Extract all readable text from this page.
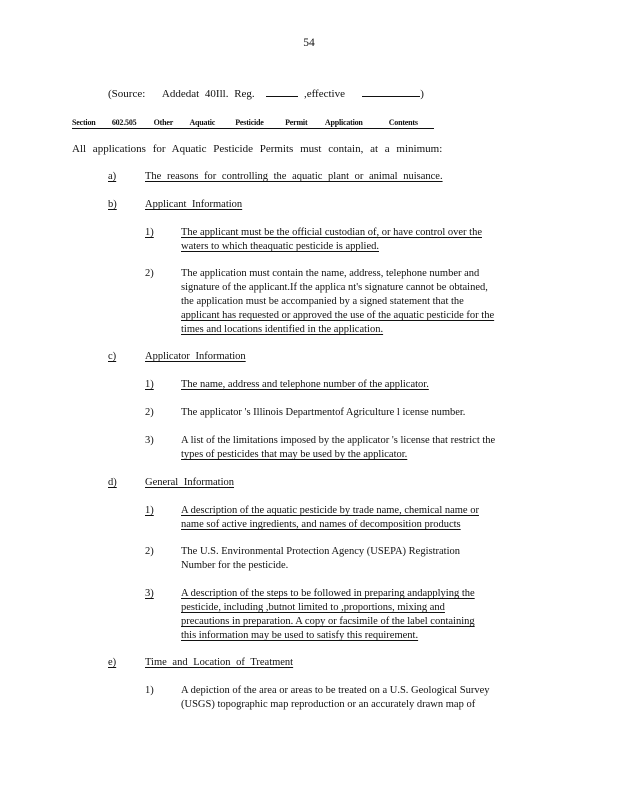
54
(Source: Addedat 40Ill. Reg.	,effective	)
Section 602.505 Other Aquatic	Pesticide	Permit Application	Contents
All applications for Aquatic Pesticide Permits must contain, at a minimum:
a)	The reasons for controlling the aquatic plant or animal nuisance.
b)	Applicant Information
1)	The applicant must be the official custodian of, or have control over the
waters to which theaquatic pesticide is applied.
2)	The application must contain the name, address, telephone number and
signature of the applicant.If the applica nt's signature cannot be obtained,
the application must be accompanied by a signed statement that the
applicant has requested or approved the use of the aquatic pesticide for the
times and locations identified in the application.
c)	Applicator Information
1)	The name, address and telephone number of the applicator.
2)	The applicator 's Illinois Departmentof Agriculture l icense number.
3)	A list of the limitations imposed by the applicator 's license that restrict the
types of pesticides that may be used by the applicator.
d)	General Information
1)	A description of the aquatic pesticide by trade name, chemical name or
name sof active ingredients, and names of decomposition products
2)	The U.S. Environmental Protection Agency (USEPA) Registration
Number for the pesticide.
3)	A description of the steps to be followed in preparing andapplying the
pesticide, including ,butnot limited to ,proportions, mixing and
precautions in preparation. A copy or facsimile of the label containing
this information may be used to satisfy this requirement.
e)	Time and Location of Treatment
1)	A depiction of the area or areas to be treated on a U.S. Geological Survey
(USGS) topographic map reproduction or an accurately drawn map of
